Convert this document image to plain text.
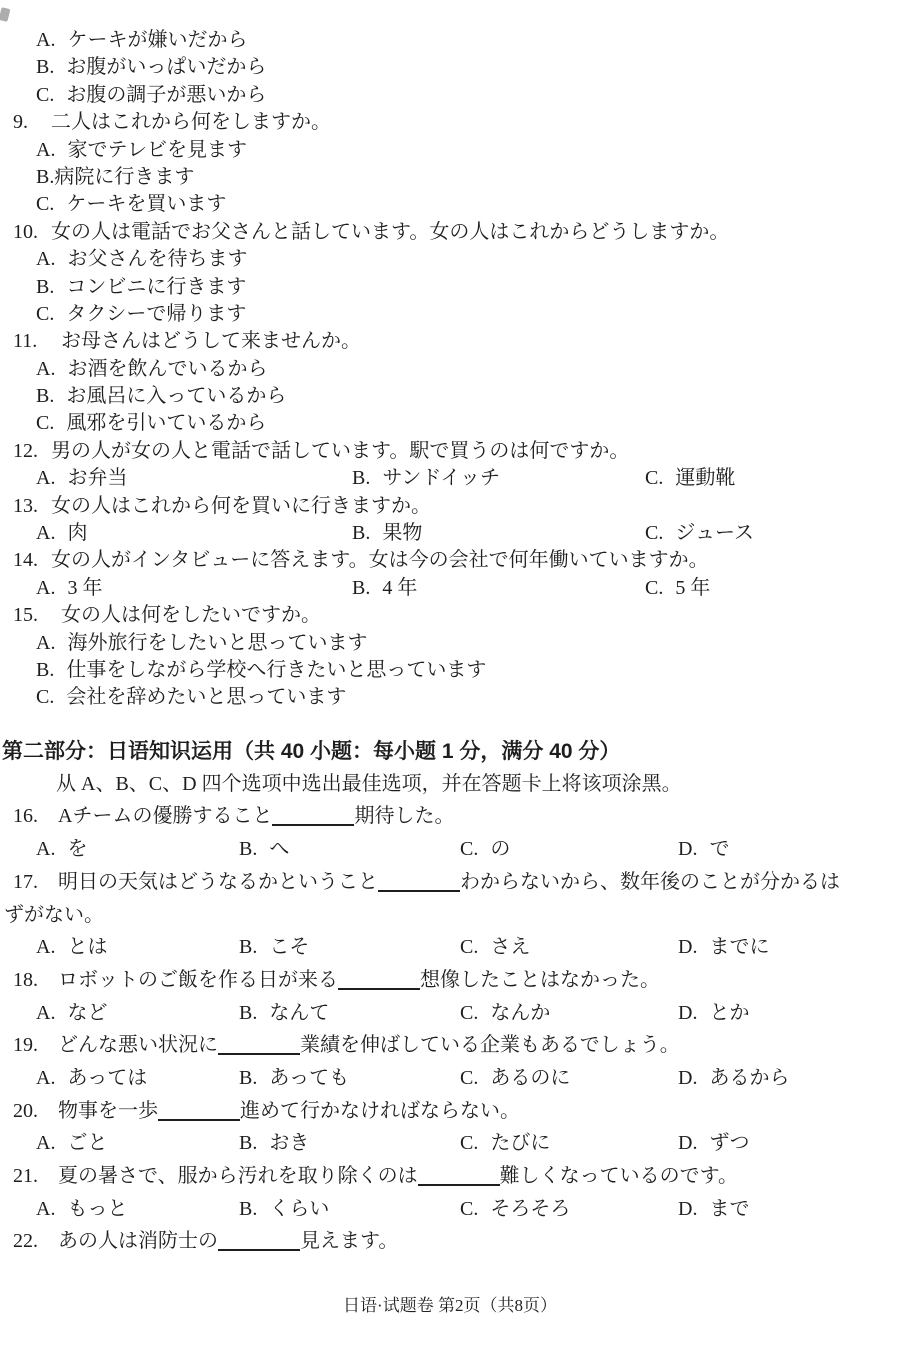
A. ケーキが嫌いだから
B. お腹がいっぱいだから
C. お腹の調子が悪いから
9. 二人はこれから何をしますか。
A. 家でテレビを見ます
B.病院に行きます
C. ケーキを買います
10. 女の人は電話でお父さんと話しています。女の人はこれからどうしますか。
A. お父さんを待ちます
B. コンビニに行きます
C. タクシーで帰ります
11. お母さんはどうして来ませんか。
A. お酒を飲んでいるから
B. お風呂に入っているから
C. 風邪を引いているから
12. 男の人が女の人と電話で話しています。駅で買うのは何ですか。
A. お弁当	B. サンドイッチ	C. 運動靴
13. 女の人はこれから何を買いに行きますか。
A. 肉	B. 果物	C. ジュース
14. 女の人がインタビューに答えます。女は今の会社で何年働いていますか。
A. 3 年	B. 4 年	C. 5 年
15. 女の人は何をしたいですか。
A. 海外旅行をしたいと思っています
B. 仕事をしながら学校へ行きたいと思っています
C. 会社を辞めたいと思っています
第二部分：日语知识运用（共 40 小题：每小题 1 分，满分 40 分）

从 A、B、C、D 四个选项中选出最佳选项，并在答题卡上将该项涂黑。

16. Aチームの優勝すること	期待した。
A. を	B. へ	C. の	D. で
17. 明日の天気はどうなるかということ	わからないから、数年後のことが分かるは
ずがない。
A. とは	B. こそ	C. さえ	D. までに
18. ロボットのご飯を作る日が来る	想像したことはなかった。
A. など	B. なんて	C. なんか	D. とか
19. どんな悪い状況に	業績を伸ばしている企業もあるでしょう。
A. あっては	B. あっても	C. あるのに	D. あるから
20. 物事を一歩	進めて行かなければならない。
A. ごと	B. おき	C. たびに	D. ずつ
21. 夏の暑さで、服から汚れを取り除くのは	難しくなっているのです。
A. もっと	B. くらい	C. そろそろ	D. まで
22. あの人は消防士の	見えます。
日语·试题卷 第2页（共8页）
